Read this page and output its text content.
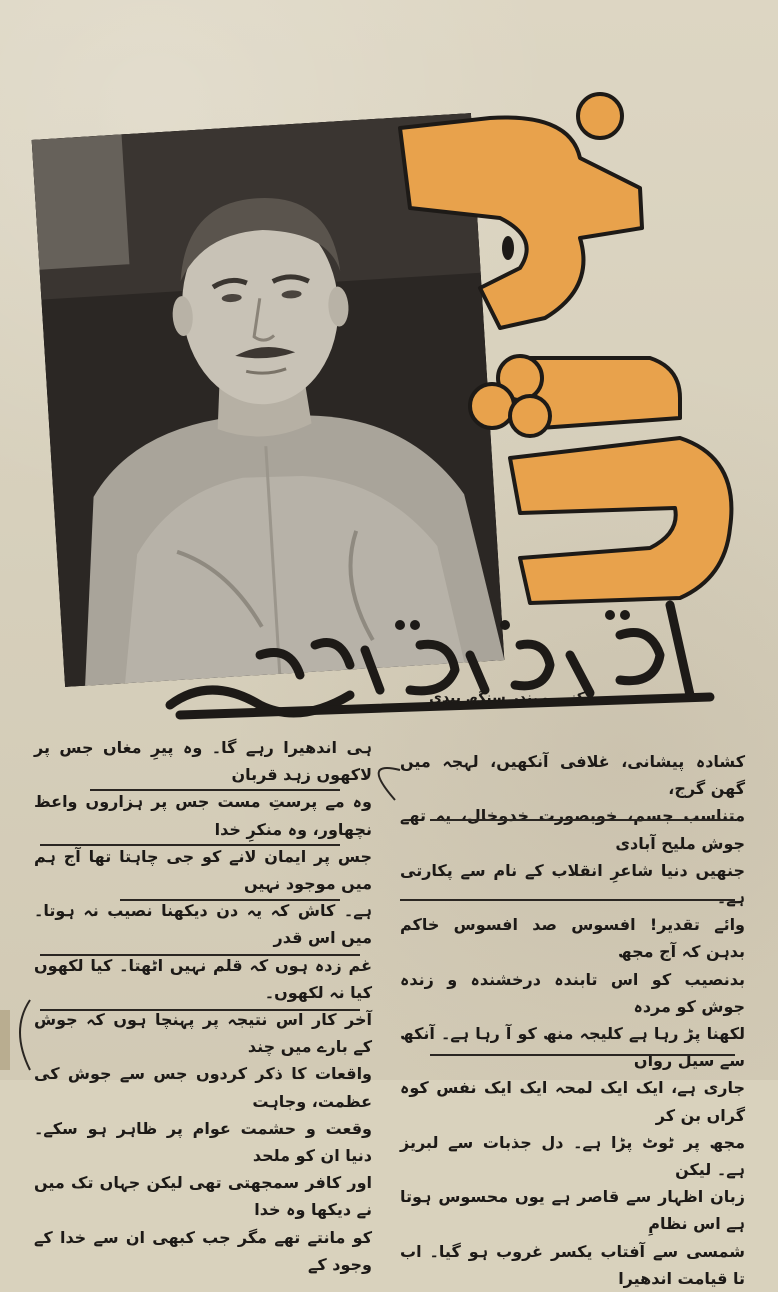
کنور مہندر سنگھ بیدی

کشادہ پیشانی، غلافی آنکھیں، لہجہ میں گھن گرج،

متناسب جسم، خوبصورت خدوخال، یہ تھے جوش ملیح آبادی

جنھیں دنیا شاعرِ انقلاب کے نام سے پکارتی ہے۔

وائے تقدیر! افسوس صد افسوس خاکم بدہن کہ آج مجھ

بدنصیب کو اس تابندہ درخشندہ و زندہ جوش کو مردہ

لکھنا پڑ رہا ہے کلیجہ منھ کو آ رہا ہے۔ آنکھ سے سیل رواں

جاری ہے، ایک ایک لمحہ ایک ایک نفس کوہ گراں بن کر

مجھ پر ٹوٹ پڑا ہے۔ دل جذبات سے لبریز ہے۔ لیکن

زبان اظہار سے قاصر ہے یوں محسوس ہوتا ہے اس نظامِ

شمسی سے آفتاب یکسر غروب ہو گیا۔ اب تا قیامت اندھیرا

ہی اندھیرا رہے گا۔ وہ پیرِ مغاں جس پر لاکھوں زہد قربان

وہ مے پرستِ مست جس پر ہزاروں واعظ نچھاور، وہ منکرِ خدا

جس پر ایمان لانے کو جی چاہتا تھا آج ہم میں موجود نہیں

ہے۔ کاش کہ یہ دن دیکھنا نصیب نہ ہوتا۔ میں اس قدر

غم زدہ ہوں کہ قلم نہیں اٹھتا۔ کیا لکھوں کیا نہ لکھوں۔

آخر کار اس نتیجہ پر پہنچا ہوں کہ جوش کے بارے میں چند

واقعات کا ذکر کردوں جس سے جوش کی عظمت، وجاہت

وقعت و حشمت عوام پر ظاہر ہو سکے۔ دنیا ان کو ملحد

اور کافر سمجھتی تھی لیکن جہاں تک میں نے دیکھا وہ خدا

کو مانتے تھے مگر جب کبھی ان سے خدا کے وجود کے
